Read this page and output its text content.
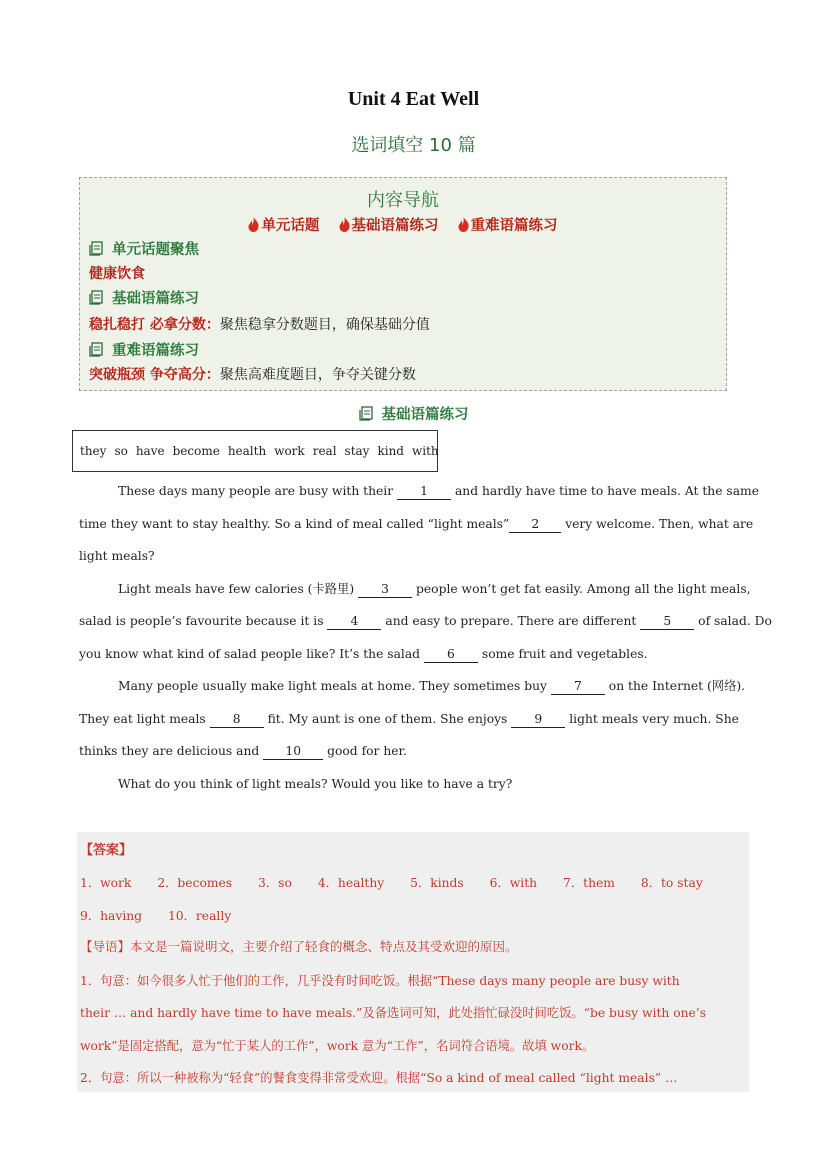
Unit 4 Eat Well
选词填空 10 篇
内容导航
单元话题 基础语篇练习 重难语篇练习
单元话题聚焦
健康饮食
基础语篇练习
稳扎稳打 必拿分数：聚焦稳拿分数题目，确保基础分值
重难语篇练习
突破瓶颈 争夺高分：聚焦高难度题目，争夺关键分数
基础语篇练习
they so have become health work real stay kind with
These days many people are busy with their 1 and hardly have time to have meals. At the same
time they want to stay healthy. So a kind of meal called “light meals” 2 very welcome. Then, what are
light meals?
Light meals have few calories (卡路里) 3 people won’t get fat easily. Among all the light meals,
salad is people’s favourite because it is 4 and easy to prepare. There are different 5 of salad. Do
you know what kind of salad people like? It’s the salad 6 some fruit and vegetables.
Many people usually make light meals at home. They sometimes buy 7 on the Internet (网络).
They eat light meals 8 fit. My aunt is one of them. She enjoys 9 light meals very much. She
thinks they are delicious and 10 good for her.
What do you think of light meals? Would you like to have a try?
【答案】
1．work 2．becomes 3．so 4．healthy 5．kinds 6．with 7．them 8．to stay
9．having 10．really
【导语】本文是一篇说明文，主要介绍了轻食的概念、特点及其受欢迎的原因。
1．句意：如今很多人忙于他们的工作，几乎没有时间吃饭。根据“These days many people are busy with
their … and hardly have time to have meals.”及备选词可知，此处指忙碌没时间吃饭。“be busy with one’s
work”是固定搭配，意为“忙于某人的工作”，work 意为“工作”，名词符合语境。故填 work。
2．句意：所以一种被称为“轻食”的餐食变得非常受欢迎。根据“So a kind of meal called “light meals” …
